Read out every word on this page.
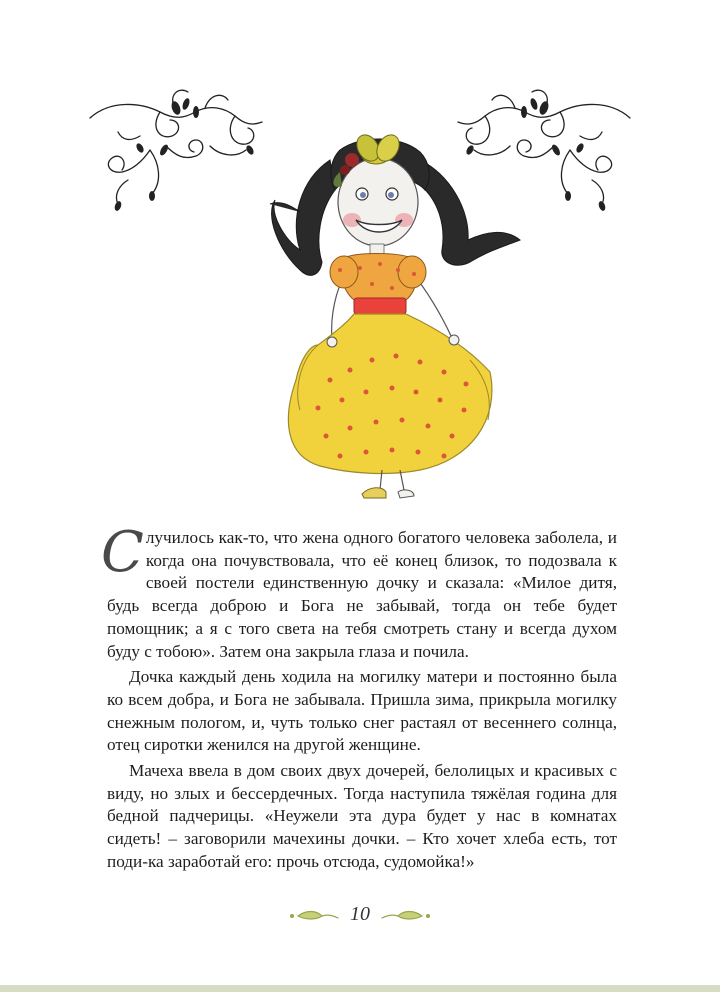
Случилось как-то, что жена одного богатого человека заболела, и когда она почувствовала, что её конец близок, то подозвала к своей постели единственную дочку и сказала: «Милое дитя, будь всегда доброю и Бога не забывай, тогда он тебе будет помощник; а я с того света на тебя смотреть стану и всегда духом буду с тобою». Затем она закрыла глаза и почила.

Дочка каждый день ходила на могилку матери и постоянно была ко всем добра, и Бога не забывала. Пришла зима, прикрыла могилку снежным пологом, и, чуть только снег растаял от весеннего солнца, отец сиротки женился на другой женщине.

Мачеха ввела в дом своих двух дочерей, белолицых и красивых с виду, но злых и бессердечных. Тогда наступила тяжёлая година для бедной падчерицы. «Неужели эта дура будет у нас в комнатах сидеть! – заговорили мачехины дочки. – Кто хочет хлеба есть, тот поди-ка заработай его: прочь отсюда, судомойка!»

10
